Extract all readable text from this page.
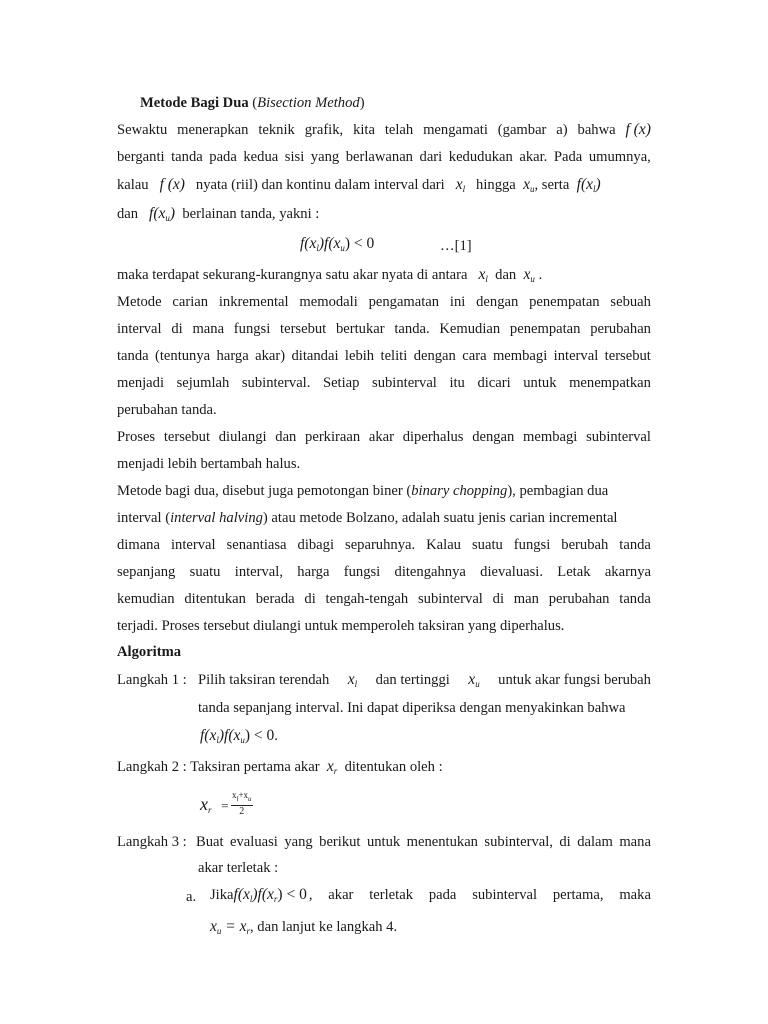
Metode Bagi Dua (Bisection Method)
Sewaktu menerapkan teknik grafik, kita telah mengamati (gambar a) bahwa f (x)
berganti tanda pada kedua sisi yang berlawanan dari kedudukan akar. Pada umumnya,
kalau f (x) nyata (riil) dan kontinu dalam interval dari $x_l$ hingga $x_u$, serta $f(x_l)$
dan $f(x_u)$ berlainan tanda, yakni :
$f(x_l)f(x_u) < 0$	…[1]
maka terdapat sekurang-kurangnya satu akar nyata di antara $x_l$ dan $x_u$ .
Metode carian inkremental memodali pengamatan ini dengan penempatan sebuah
interval di mana fungsi tersebut bertukar tanda. Kemudian penempatan perubahan
tanda (tentunya harga akar) ditandai lebih teliti dengan cara membagi interval tersebut
menjadi sejumlah subinterval. Setiap subinterval itu dicari untuk menempatkan
perubahan tanda.
Proses tersebut diulangi dan perkiraan akar diperhalus dengan membagi subinterval
menjadi lebih bertambah halus.
Metode bagi dua, disebut juga pemotongan biner (binary chopping), pembagian dua
interval (interval halving) atau metode Bolzano, adalah suatu jenis carian incremental
dimana interval senantiasa dibagi separuhnya. Kalau suatu fungsi berubah tanda
sepanjang suatu interval, harga fungsi ditengahnya dievaluasi. Letak akarnya
kemudian ditentukan berada di tengah-tengah subinterval di man perubahan tanda
terjadi. Proses tersebut diulangi untuk memperoleh taksiran yang diperhalus.
Algoritma
Langkah 1 : Pilih taksiran terendah $x_l$ dan tertinggi $x_u$ untuk akar fungsi berubah
tanda sepanjang interval. Ini dapat diperiksa dengan menyakinkan bahwa
$f(x_l)f(x_u) < 0$.
Langkah 2 : Taksiran pertama akar $x_r$ ditentukan oleh :
$x_r = \frac{x_l+x_u}{2}$
Langkah 3 : Buat evaluasi yang berikut untuk menentukan subinterval, di dalam mana
akar terletak :
a. Jika $f(x_l)f(x_r) < 0$ , akar terletak pada subinterval pertama, maka
$x_u = x_r$, dan lanjut ke langkah 4.
